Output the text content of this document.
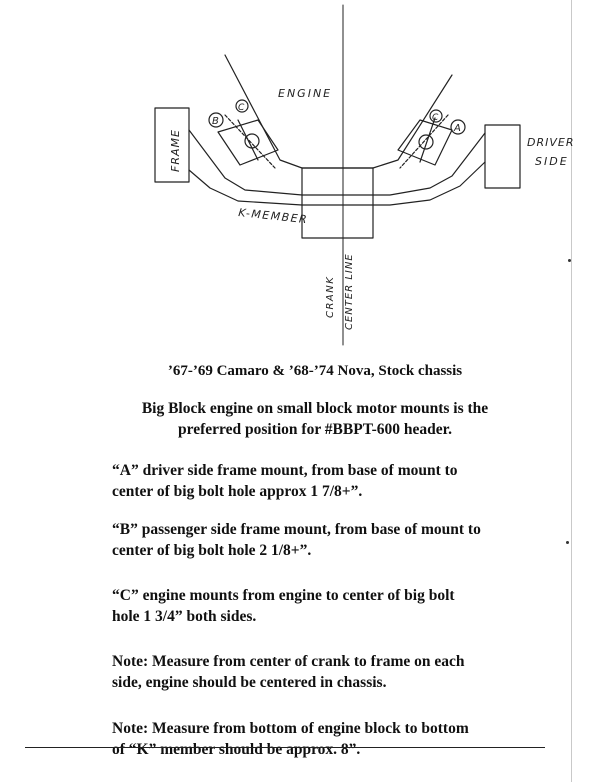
ENGINE
FRAME	DRIVER
SIDE
K-MEMBER
CRANK CENTER LINE
B
C
C
A
’67-’69 Camaro & ’68-’74 Nova, Stock chassis
Big Block engine on small block motor mounts is the
preferred position for #BBPT-600 header.
“A” driver side frame mount, from base of mount to
center of big bolt hole approx 1 7/8+”.
“B” passenger side frame mount, from base of mount to
center of big bolt hole 2 1/8+”.
“C” engine mounts from engine to center of big bolt
hole 1 3/4” both sides.
Note: Measure from center of crank to frame on each
side, engine should be centered in chassis.
Note: Measure from bottom of engine block to bottom
of “K” member should be approx. 8”.
